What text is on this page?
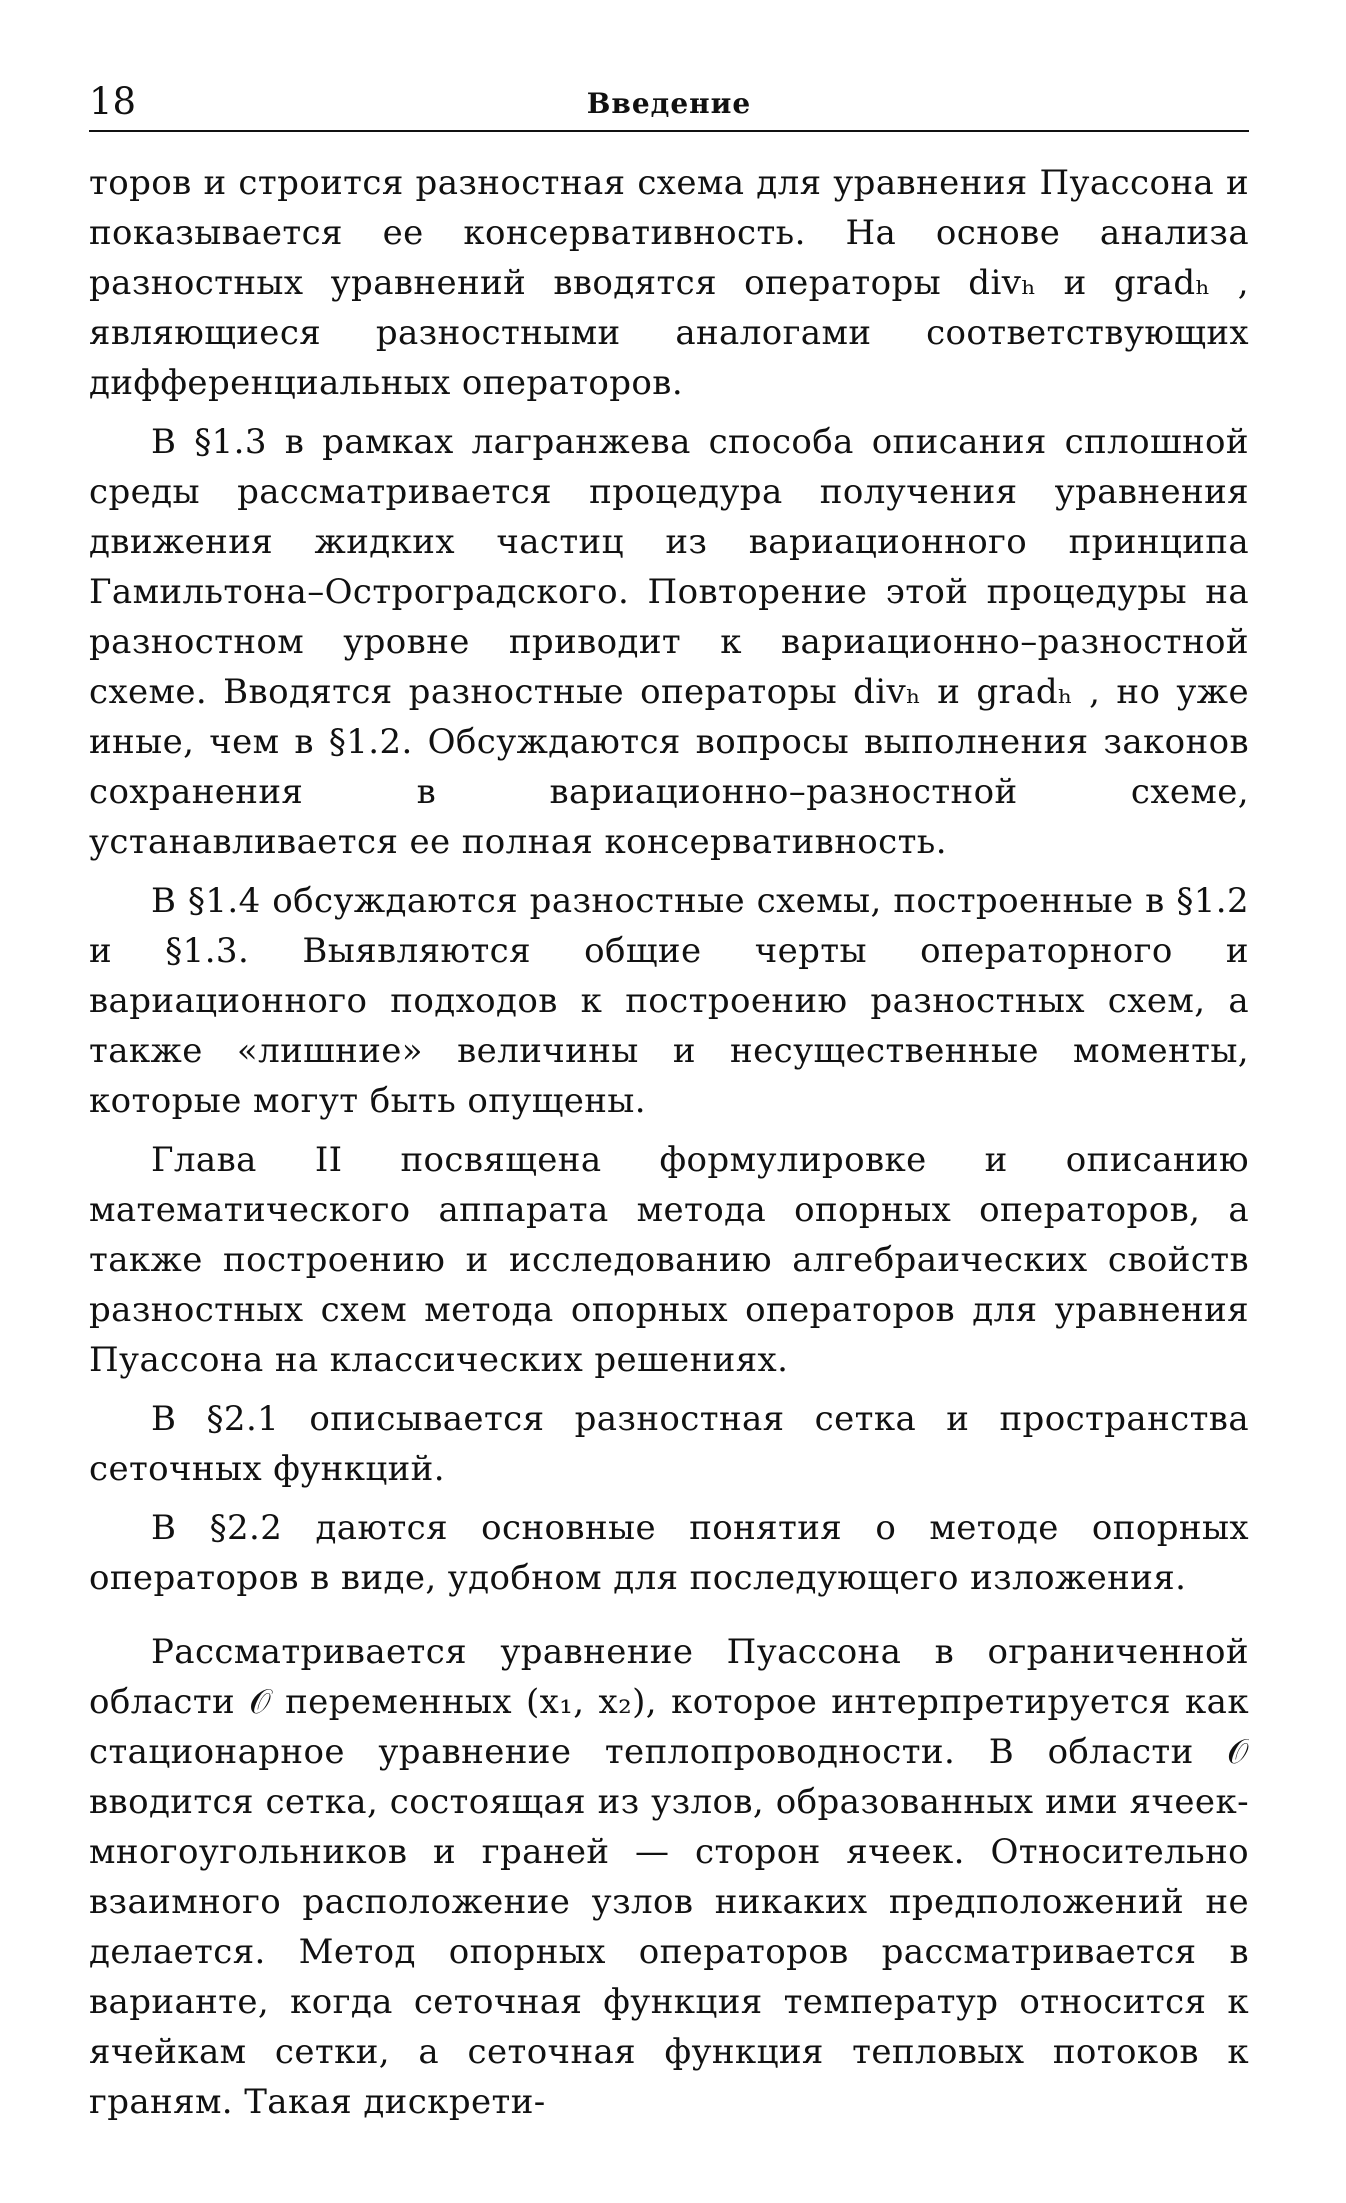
18	Введение

торов и строится разностная схема для уравнения Пуассона и показывается ее консервативность. На основе анализа разностных уравнений вводятся операторы divₕ и gradₕ , являющиеся разностными аналогами соответствующих дифференциальных операторов.

В §1.3 в рамках лагранжева способа описания сплошной среды рассматривается процедура получения уравнения движения жидких частиц из вариационного принципа Гамильтона–Остроградского. Повторение этой процедуры на разностном уровне приводит к вариационно–разностной схеме. Вводятся разностные операторы divₕ и gradₕ , но уже иные, чем в §1.2. Обсуждаются вопросы выполнения законов сохранения в вариационно–разностной схеме, устанавливается ее полная консервативность.

В §1.4 обсуждаются разностные схемы, построенные в §1.2 и §1.3. Выявляются общие черты операторного и вариационного подходов к построению разностных схем, а также «лишние» величины и несущественные моменты, которые могут быть опущены.

Глава II посвящена формулировке и описанию математического аппарата метода опорных операторов, а также построению и исследованию алгебраических свойств разностных схем метода опорных операторов для уравнения Пуассона на классических решениях.

В §2.1 описывается разностная сетка и пространства сеточных функций.

В §2.2 даются основные понятия о методе опорных операторов в виде, удобном для последующего изложения.

Рассматривается уравнение Пуассона в ограниченной области 𝒪 переменных (x₁, x₂), которое интерпретируется как стационарное уравнение теплопроводности. В области 𝒪 вводится сетка, состоящая из узлов, образованных ими ячеек-многоугольников и граней — сторон ячеек. Относительно взаимного расположение узлов никаких предположений не делается. Метод опорных операторов рассматривается в варианте, когда сеточная функция температур относится к ячейкам сетки, а сеточная функция тепловых потоков к граням. Такая дискрети-
